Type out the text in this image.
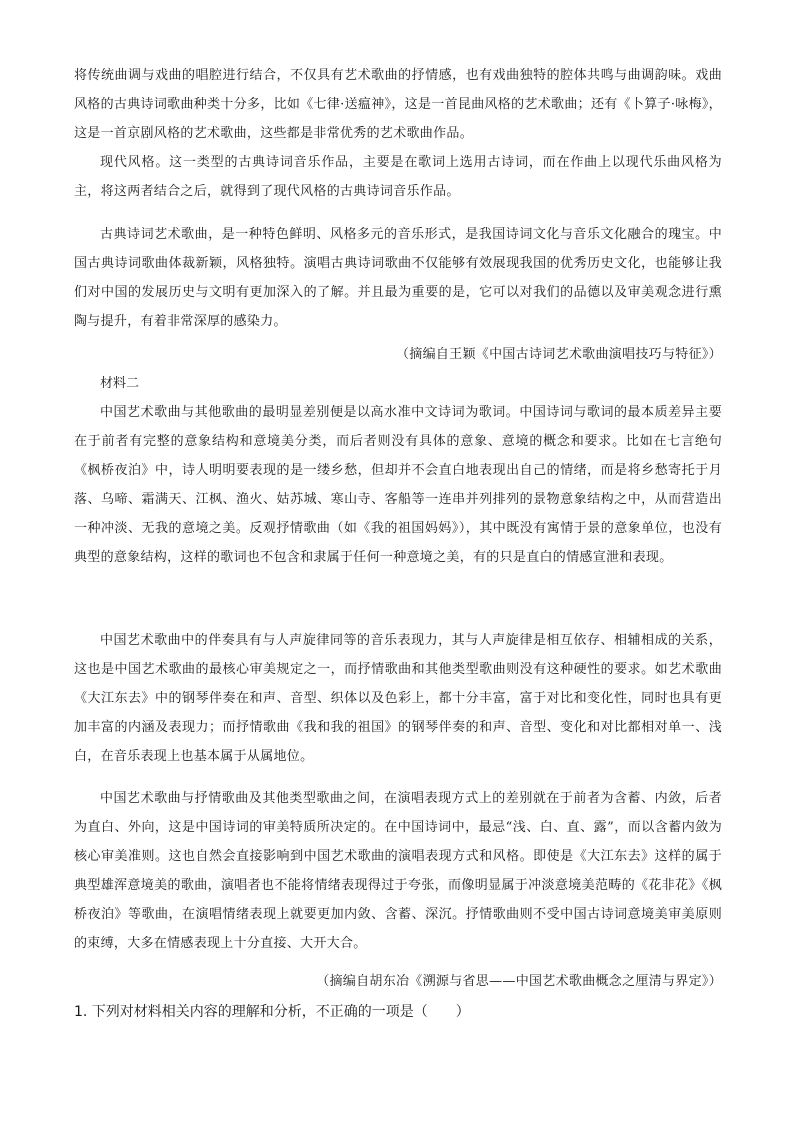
将传统曲调与戏曲的唱腔进行结合，不仅具有艺术歌曲的抒情感，也有戏曲独特的腔体共鸣与曲调韵味。戏曲风格的古典诗词歌曲种类十分多，比如《七律·送瘟神》，这是一首昆曲风格的艺术歌曲；还有《卜算子·咏梅》，这是一首京剧风格的艺术歌曲，这些都是非常优秀的艺术歌曲作品。

现代风格。这一类型的古典诗词音乐作品，主要是在歌词上选用古诗词，而在作曲上以现代乐曲风格为主，将这两者结合之后，就得到了现代风格的古典诗词音乐作品。

古典诗词艺术歌曲，是一种特色鲜明、风格多元的音乐形式，是我国诗词文化与音乐文化融合的瑰宝。中国古典诗词歌曲体裁新颖，风格独特。演唱古典诗词歌曲不仅能够有效展现我国的优秀历史文化，也能够让我们对中国的发展历史与文明有更加深入的了解。并且最为重要的是，它可以对我们的品德以及审美观念进行熏陶与提升，有着非常深厚的感染力。

（摘编自王颖《中国古诗词艺术歌曲演唱技巧与特征》）

材料二

中国艺术歌曲与其他歌曲的最明显差别便是以高水准中文诗词为歌词。中国诗词与歌词的最本质差异主要在于前者有完整的意象结构和意境美分类，而后者则没有具体的意象、意境的概念和要求。比如在七言绝句《枫桥夜泊》中，诗人明明要表现的是一缕乡愁，但却并不会直白地表现出自己的情绪，而是将乡愁寄托于月落、乌啼、霜满天、江枫、渔火、姑苏城、寒山寺、客船等一连串并列排列的景物意象结构之中，从而营造出一种冲淡、无我的意境之美。反观抒情歌曲（如《我的祖国妈妈》），其中既没有寓情于景的意象单位，也没有典型的意象结构，这样的歌词也不包含和隶属于任何一种意境之美，有的只是直白的情感宣泄和表现。

中国艺术歌曲中的伴奏具有与人声旋律同等的音乐表现力，其与人声旋律是相互依存、相辅相成的关系，这也是中国艺术歌曲的最核心审美规定之一，而抒情歌曲和其他类型歌曲则没有这种硬性的要求。如艺术歌曲《大江东去》中的钢琴伴奏在和声、音型、织体以及色彩上，都十分丰富，富于对比和变化性，同时也具有更加丰富的内涵及表现力；而抒情歌曲《我和我的祖国》的钢琴伴奏的和声、音型、变化和对比都相对单一、浅白，在音乐表现上也基本属于从属地位。

中国艺术歌曲与抒情歌曲及其他类型歌曲之间，在演唱表现方式上的差别就在于前者为含蓄、内敛，后者为直白、外向，这是中国诗词的审美特质所决定的。在中国诗词中，最忌“浅、白、直、露”，而以含蓄内敛为核心审美准则。这也自然会直接影响到中国艺术歌曲的演唱表现方式和风格。即使是《大江东去》这样的属于典型雄浑意境美的歌曲，演唱者也不能将情绪表现得过于夸张，而像明显属于冲淡意境美范畴的《花非花》《枫桥夜泊》等歌曲，在演唱情绪表现上就要更加内敛、含蓄、深沉。抒情歌曲则不受中国古诗词意境美审美原则的束缚，大多在情感表现上十分直接、大开大合。

（摘编自胡东冶《溯源与省思——中国艺术歌曲概念之厘清与界定》）

1. 下列对材料相关内容的理解和分析，不正确的一项是（　　）
